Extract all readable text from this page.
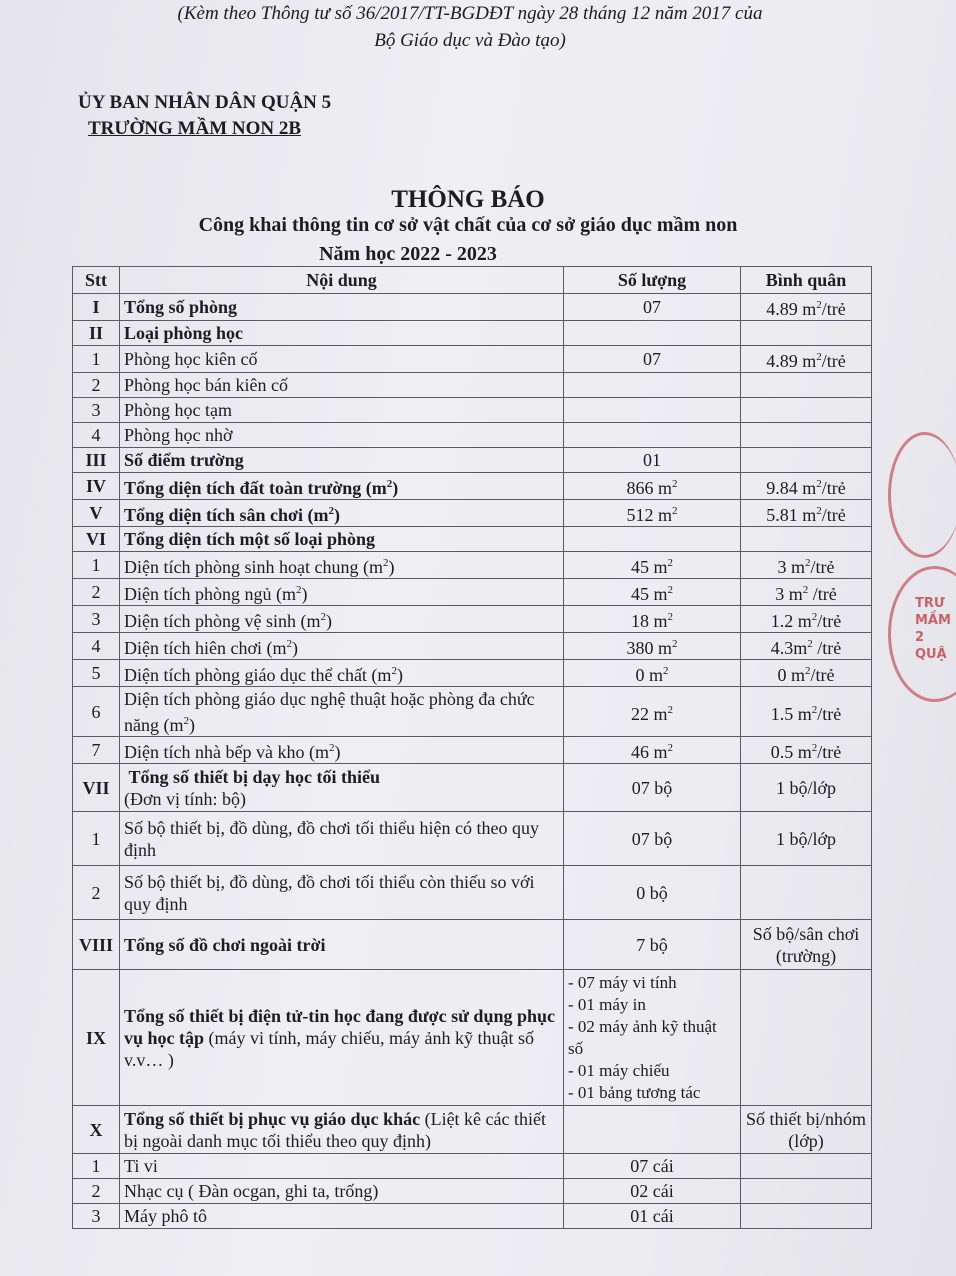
(Kèm theo Thông tư số 36/2017/TT-BGDĐT ngày 28 tháng 12 năm 2017 của
Bộ Giáo dục và Đào tạo)
ỦY BAN NHÂN DÂN QUẬN 5
TRƯỜNG MẦM NON 2B
THÔNG BÁO
Công khai thông tin cơ sở vật chất của cơ sở giáo dục mầm non
Năm học 2022 - 2023
Stt	Nội dung	Số lượng	Bình quân
I	Tổng số phòng	07	4.89 $m^2$/trẻ
II	Loại phòng học		
1	Phòng học kiên cố	07	4.89 $m^2$/trẻ
2	Phòng học bán kiên cố		
3	Phòng học tạm		
4	Phòng học nhờ		
III	Số điểm trường	01	
IV	Tổng diện tích đất toàn trường $(m^2)$	866 $m^2$	9.84 $m^2$/trẻ
V	Tổng diện tích sân chơi $(m^2)$	512 $m^2$	5.81 $m^2$/trẻ
VI	Tổng diện tích một số loại phòng		
1	Diện tích phòng sinh hoạt chung $(m^2)$	45 $m^2$	3 $m^2$/trẻ
2	Diện tích phòng ngủ $(m^2)$	45 $m^2$	3 $m^2$ /trẻ
3	Diện tích phòng vệ $\sinh (m^2)$	18 $m^2$	1.2 $m^2$/trẻ
4	Diện tích hiên chơi $(m^2)$	380 $m^2$	$4.3m^2$ /trẻ
5	Diện tích phòng giáo dục thể chất $(m^2)$	0 $m^2$	0 $m^2$/trẻ
6	Diện tích phòng giáo dục nghệ thuật hoặc phòng đa chức năng $(m^2)$	22 $m^2$	1.5 $m^2$/trẻ
7	Diện tích nhà bếp và kho $(m^2)$	46 $m^2$	0.5 $m^2$/trẻ
VII	Tổng số thiết bị dạy học tối thiểu
(Đơn vị tính: bộ)	07 bộ	1 bộ/lớp
1	Số bộ thiết bị, đồ dùng, đồ chơi tối thiểu hiện có theo quy định	07 bộ	1 bộ/lớp
2	Số bộ thiết bị, đồ dùng, đồ chơi tối thiểu còn thiếu so với quy định	0 bộ	
VIII	Tổng số đồ chơi ngoài trời	7 bộ	Số bộ/sân chơi (trường)
IX	Tổng số thiết bị điện tử-tin học đang được sử dụng phục vụ học tập (máy vi tính, máy chiếu, máy ảnh kỹ thuật số v.v… )	- 07 máy vi tính
- 01 máy in
- 02 máy ảnh kỹ thuật số
- 01 máy chiếu
- 01 bảng tương tác	
X	Tổng số thiết bị phục vụ giáo dục khác (Liệt kê các thiết bị ngoài danh mục tối thiểu theo quy định)		Số thiết bị/nhóm (lớp)
1	Ti vi	07 cái	
2	Nhạc cụ ( Đàn ocgan, ghi ta, trống)	02 cái	
3	Máy phô tô	01 cái	
TRƯ
MẦM
2
QUẬ
